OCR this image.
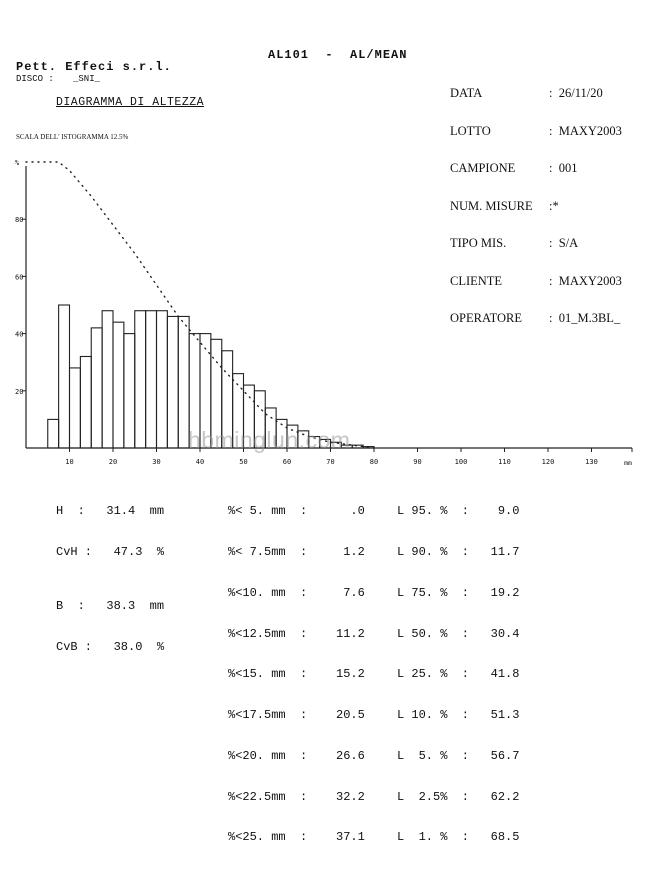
Pett. Effeci s.r.l.
AL101  -  AL/MEAN
DISCO : _SNI_
DIAGRAMMA DI ALTEZZA
SCALA DELL' ISTOGRAMMA 12.5%

DATA	: 26/11/20

LOTTO	: MAXY2003

CAMPIONE	: 001

NUM. MISURE :*

TIPO MIS.	: S/A

CLIENTE	: MAXY2003

OPERATORE : 01_M.3BL_

20
40
60
80
%
10	20	30	40	50	60	70	80	90	100	110	120	130	mm

H  :   31.4  mm

CvH :   47.3  %

B  :   38.3  mm

CvB :   38.0  %

%< 5. mm  :      .0

%< 7.5mm  :     1.2

%<10. mm  :     7.6

%<12.5mm  :    11.2

%<15. mm  :    15.2

%<17.5mm  :    20.5

%<20. mm  :    26.6

%<22.5mm  :    32.2

%<25. mm  :    37.1

L 95. %  :    9.0

L 90. %  :   11.7

L 75. %  :   19.2

L 50. %  :   30.4

L 25. %  :   41.8

L 10. %  :   51.3

L  5. %  :   56.7

L  2.5%  :   62.2

L  1. %  :   68.5

hbminglun.com
